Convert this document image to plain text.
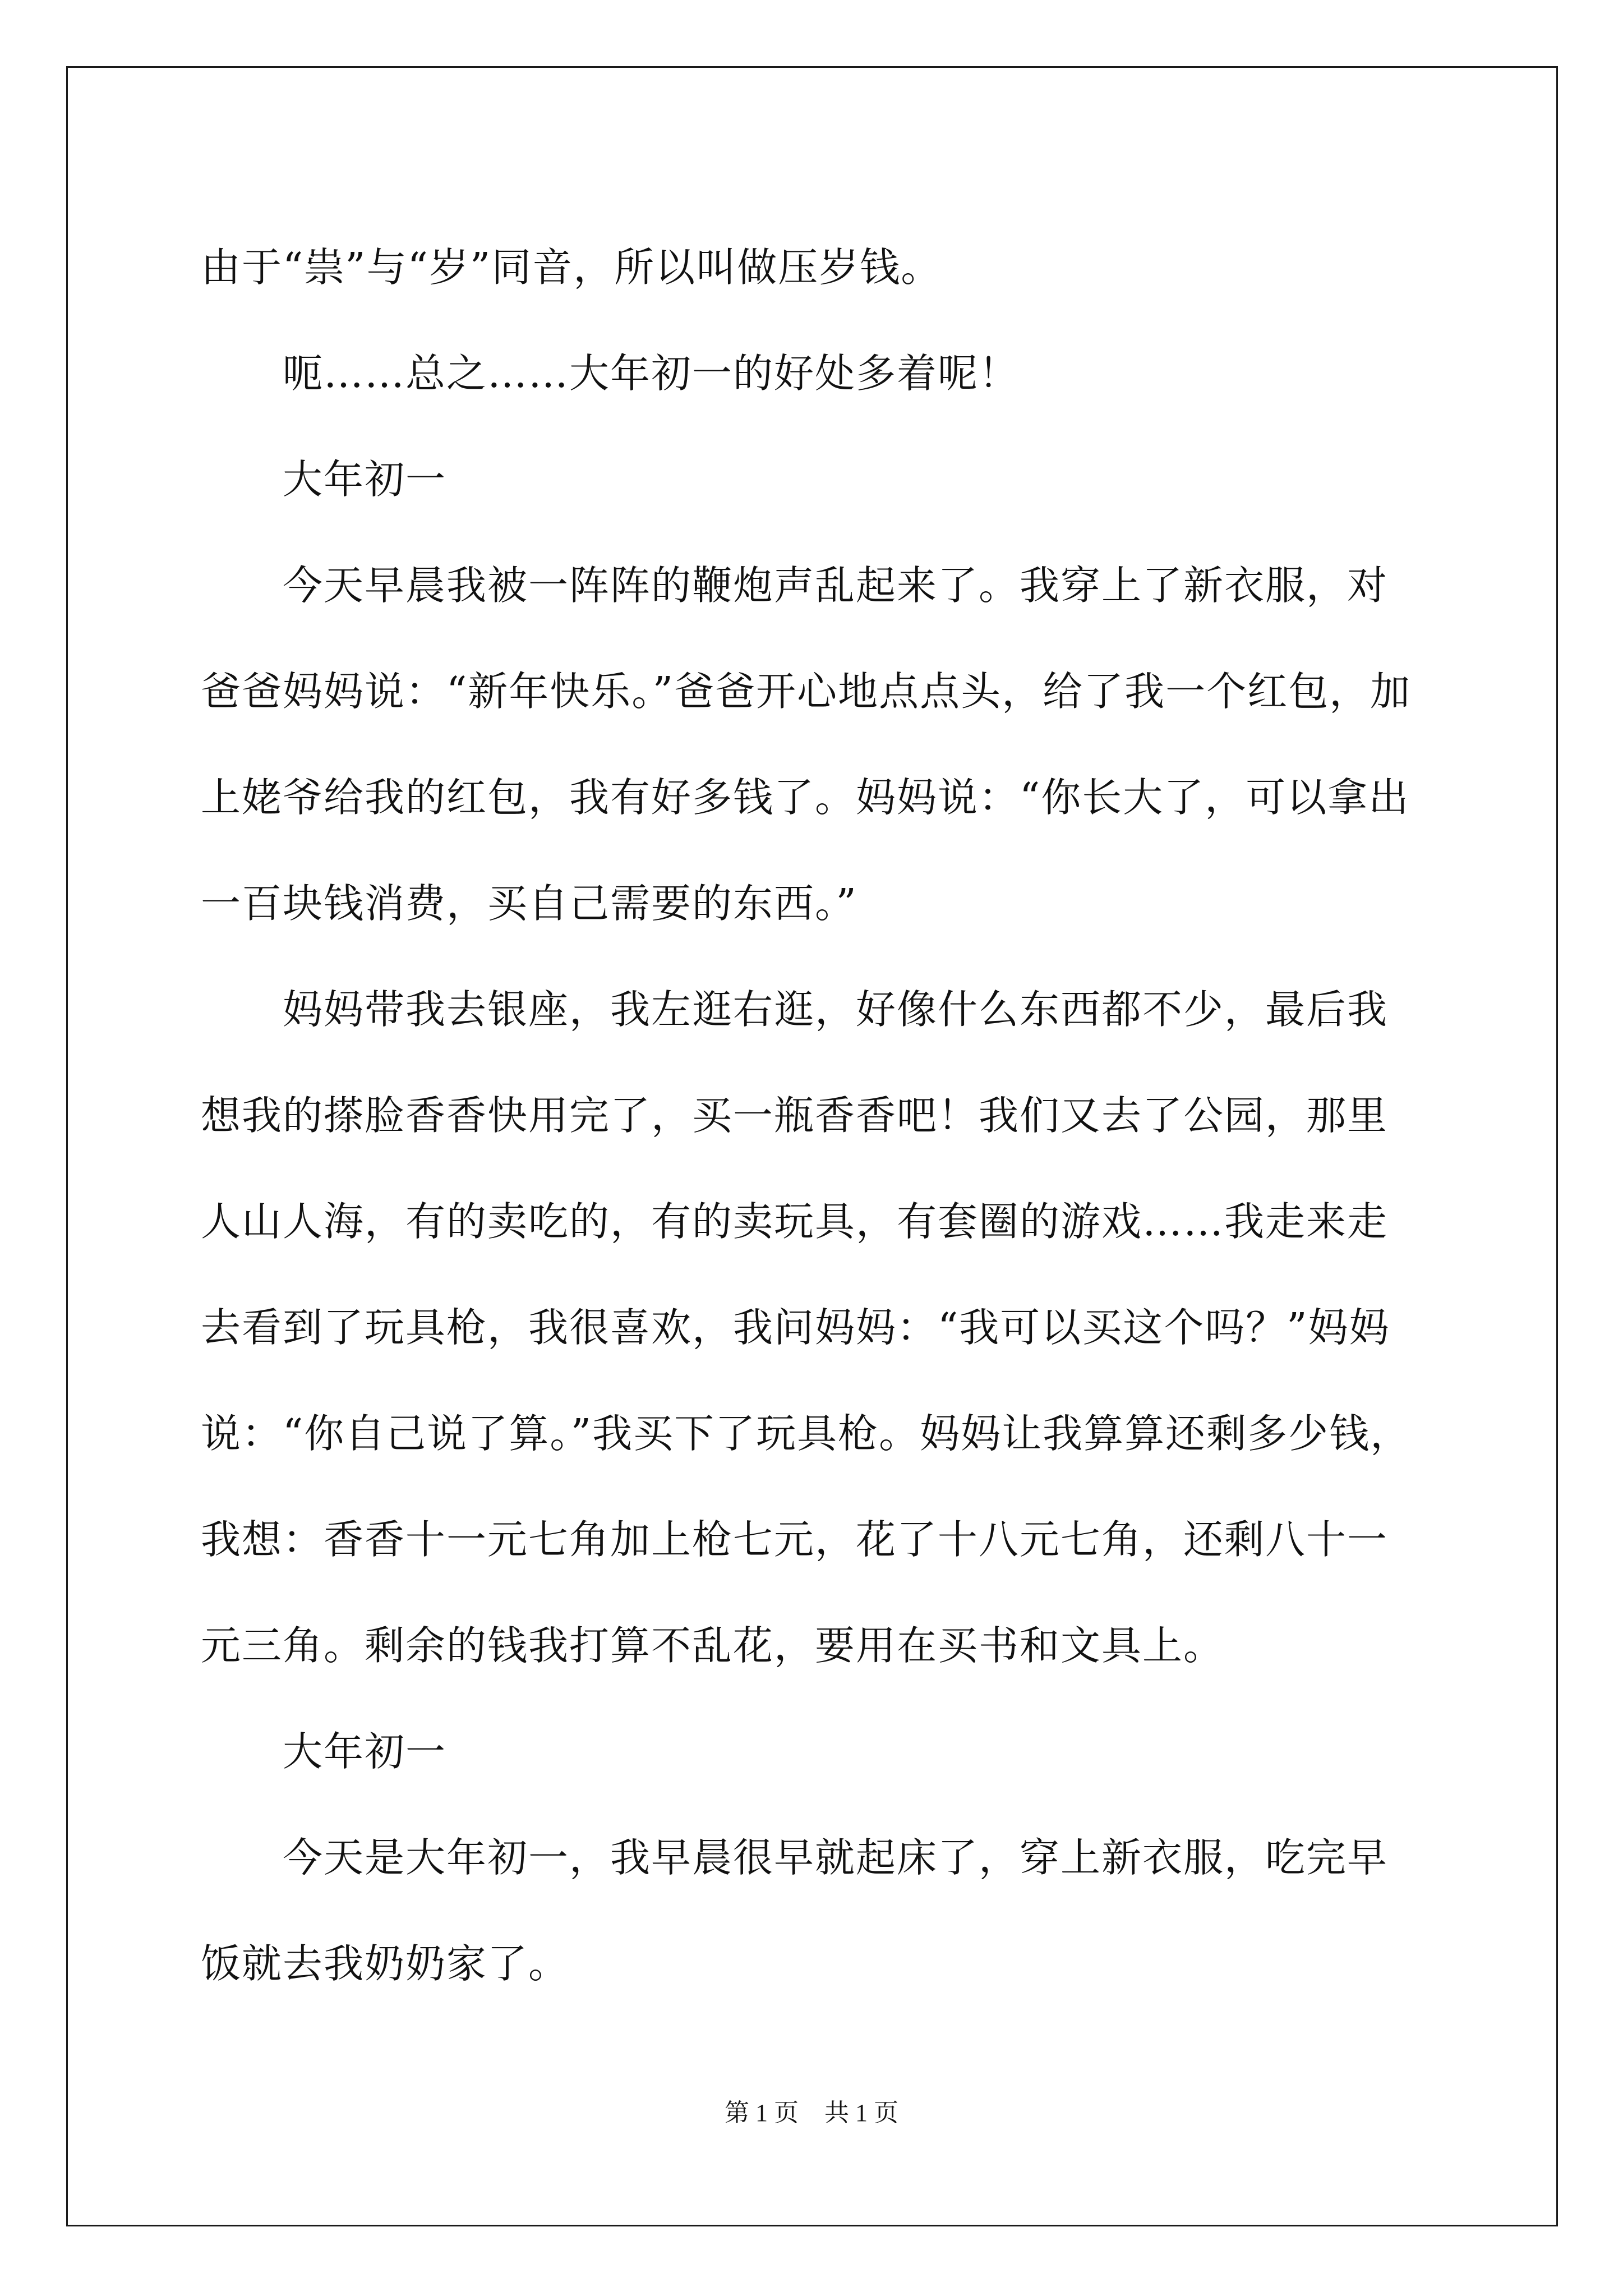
由于“祟”与“岁”同音，所以叫做压岁钱。

呃……总之……大年初一的好处多着呢！

大年初一

今天早晨我被一阵阵的鞭炮声乱起来了。我穿上了新衣服，对爸爸妈妈说：“新年快乐。”爸爸开心地点点头，给了我一个红包，加上姥爷给我的红包，我有好多钱了。妈妈说：“你长大了，可以拿出一百块钱消费，买自己需要的东西。”

妈妈带我去银座，我左逛右逛，好像什么东西都不少，最后我想我的搽脸香香快用完了，买一瓶香香吧！我们又去了公园，那里人山人海，有的卖吃的，有的卖玩具，有套圈的游戏……我走来走去看到了玩具枪，我很喜欢，我问妈妈：“我可以买这个吗？”妈妈说：“你自己说了算。”我买下了玩具枪。妈妈让我算算还剩多少钱，我想：香香十一元七角加上枪七元，花了十八元七角，还剩八十一元三角。剩余的钱我打算不乱花，要用在买书和文具上。

大年初一

今天是大年初一，我早晨很早就起床了，穿上新衣服，吃完早饭就去我奶奶家了。

第 1 页 共 1 页
